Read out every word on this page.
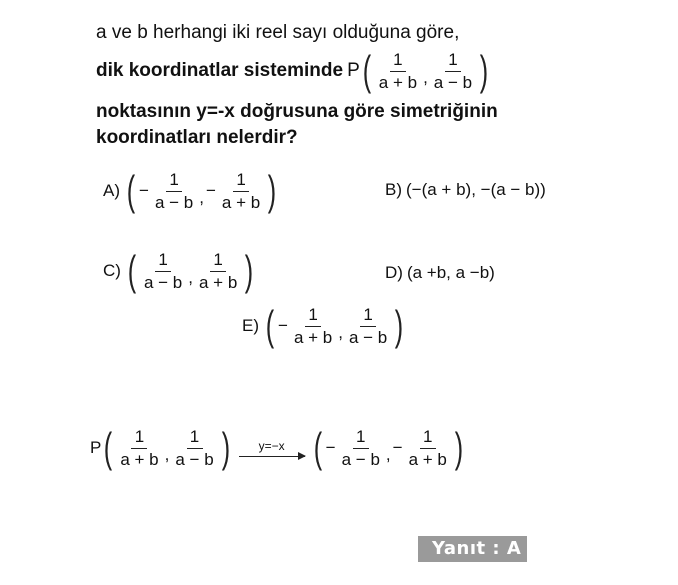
a ve b herhangi iki reel sayı olduğuna göre,
dik koordinatlar sisteminde P ( $\frac{1}{a + b}$ , $\frac{1}{a - b}$ )
noktasının y=-x doğrusuna göre simetriğinin
koordinatları nelerdir?
A) ( − $\frac{1}{a - b}$ , − $\frac{1}{a + b}$ )	B) (−(a + b), −(a − b))
C) ( $\frac{1}{a - b}$ , $\frac{1}{a + b}$ )	D) (a +b, a −b)
E) ( − $\frac{1}{a + b}$ , $\frac{1}{a - b}$ )
P ( $\frac{1}{a + b}$ , $\frac{1}{a - b}$ ) y=−x ( − $\frac{1}{a - b}$ , − $\frac{1}{a + b}$ )
Yanıt : A
